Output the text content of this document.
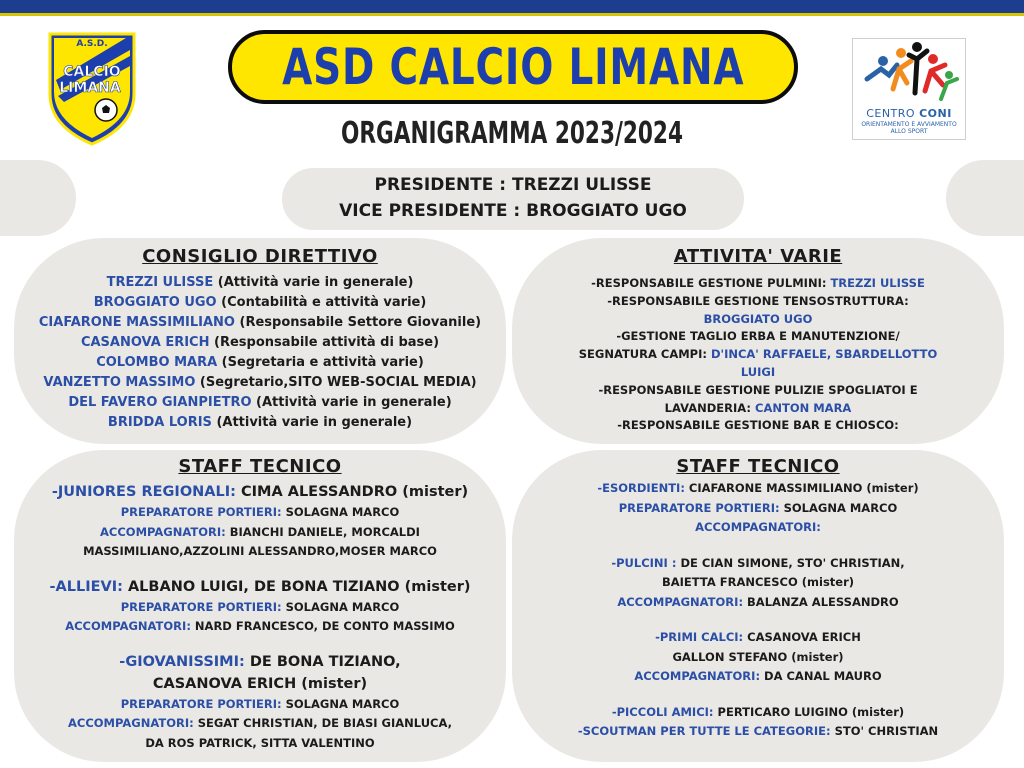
A.S.D.
CALCIO
LIMANA	ASD CALCIO LIMANA
ORGANIGRAMMA 2023/2024
CENTRO CONI
ORIENTAMENTO E AVVIAMENTO
ALLO SPORT
PRESIDENTE : TREZZI ULISSE
VICE PRESIDENTE : BROGGIATO UGO
CONSIGLIO DIRETTIVO
TREZZI ULISSE (Attività varie in generale)
BROGGIATO UGO (Contabilità e attività varie)
CIAFARONE MASSIMILIANO (Responsabile Settore Giovanile)
CASANOVA ERICH (Responsabile attività di base)
COLOMBO MARA (Segretaria e attività varie)
VANZETTO MASSIMO (Segretario,SITO WEB-SOCIAL MEDIA)
DEL FAVERO GIANPIETRO (Attività varie in generale)
BRIDDA LORIS (Attività varie in generale)
ATTIVITA' VARIE
-RESPONSABILE GESTIONE PULMINI: TREZZI ULISSE
-RESPONSABILE GESTIONE TENSOSTRUTTURA:
BROGGIATO UGO
-GESTIONE TAGLIO ERBA E MANUTENZIONE/
SEGNATURA CAMPI: D'INCA' RAFFAELE, SBARDELLOTTO
LUIGI
-RESPONSABILE GESTIONE PULIZIE SPOGLIATOI E
LAVANDERIA: CANTON MARA
-RESPONSABILE GESTIONE BAR E CHIOSCO:
STAFF TECNICO
-JUNIORES REGIONALI: CIMA ALESSANDRO (mister)
PREPARATORE PORTIERI: SOLAGNA MARCO
ACCOMPAGNATORI: BIANCHI DANIELE, MORCALDI
MASSIMILIANO,AZZOLINI ALESSANDRO,MOSER MARCO
-ALLIEVI: ALBANO LUIGI, DE BONA TIZIANO (mister)
PREPARATORE PORTIERI: SOLAGNA MARCO
ACCOMPAGNATORI: NARD FRANCESCO, DE CONTO MASSIMO
-GIOVANISSIMI: DE BONA TIZIANO,
CASANOVA ERICH (mister)
PREPARATORE PORTIERI: SOLAGNA MARCO
ACCOMPAGNATORI: SEGAT CHRISTIAN, DE BIASI GIANLUCA,
DA ROS PATRICK, SITTA VALENTINO
STAFF TECNICO
-ESORDIENTI: CIAFARONE MASSIMILIANO (mister)
PREPARATORE PORTIERI: SOLAGNA MARCO
ACCOMPAGNATORI:
-PULCINI : DE CIAN SIMONE, STO' CHRISTIAN,
BAIETTA FRANCESCO (mister)
ACCOMPAGNATORI: BALANZA ALESSANDRO
-PRIMI CALCI: CASANOVA ERICH
GALLON STEFANO (mister)
ACCOMPAGNATORI: DA CANAL MAURO
-PICCOLI AMICI: PERTICARO LUIGINO (mister)
-SCOUTMAN PER TUTTE LE CATEGORIE: STO' CHRISTIAN
